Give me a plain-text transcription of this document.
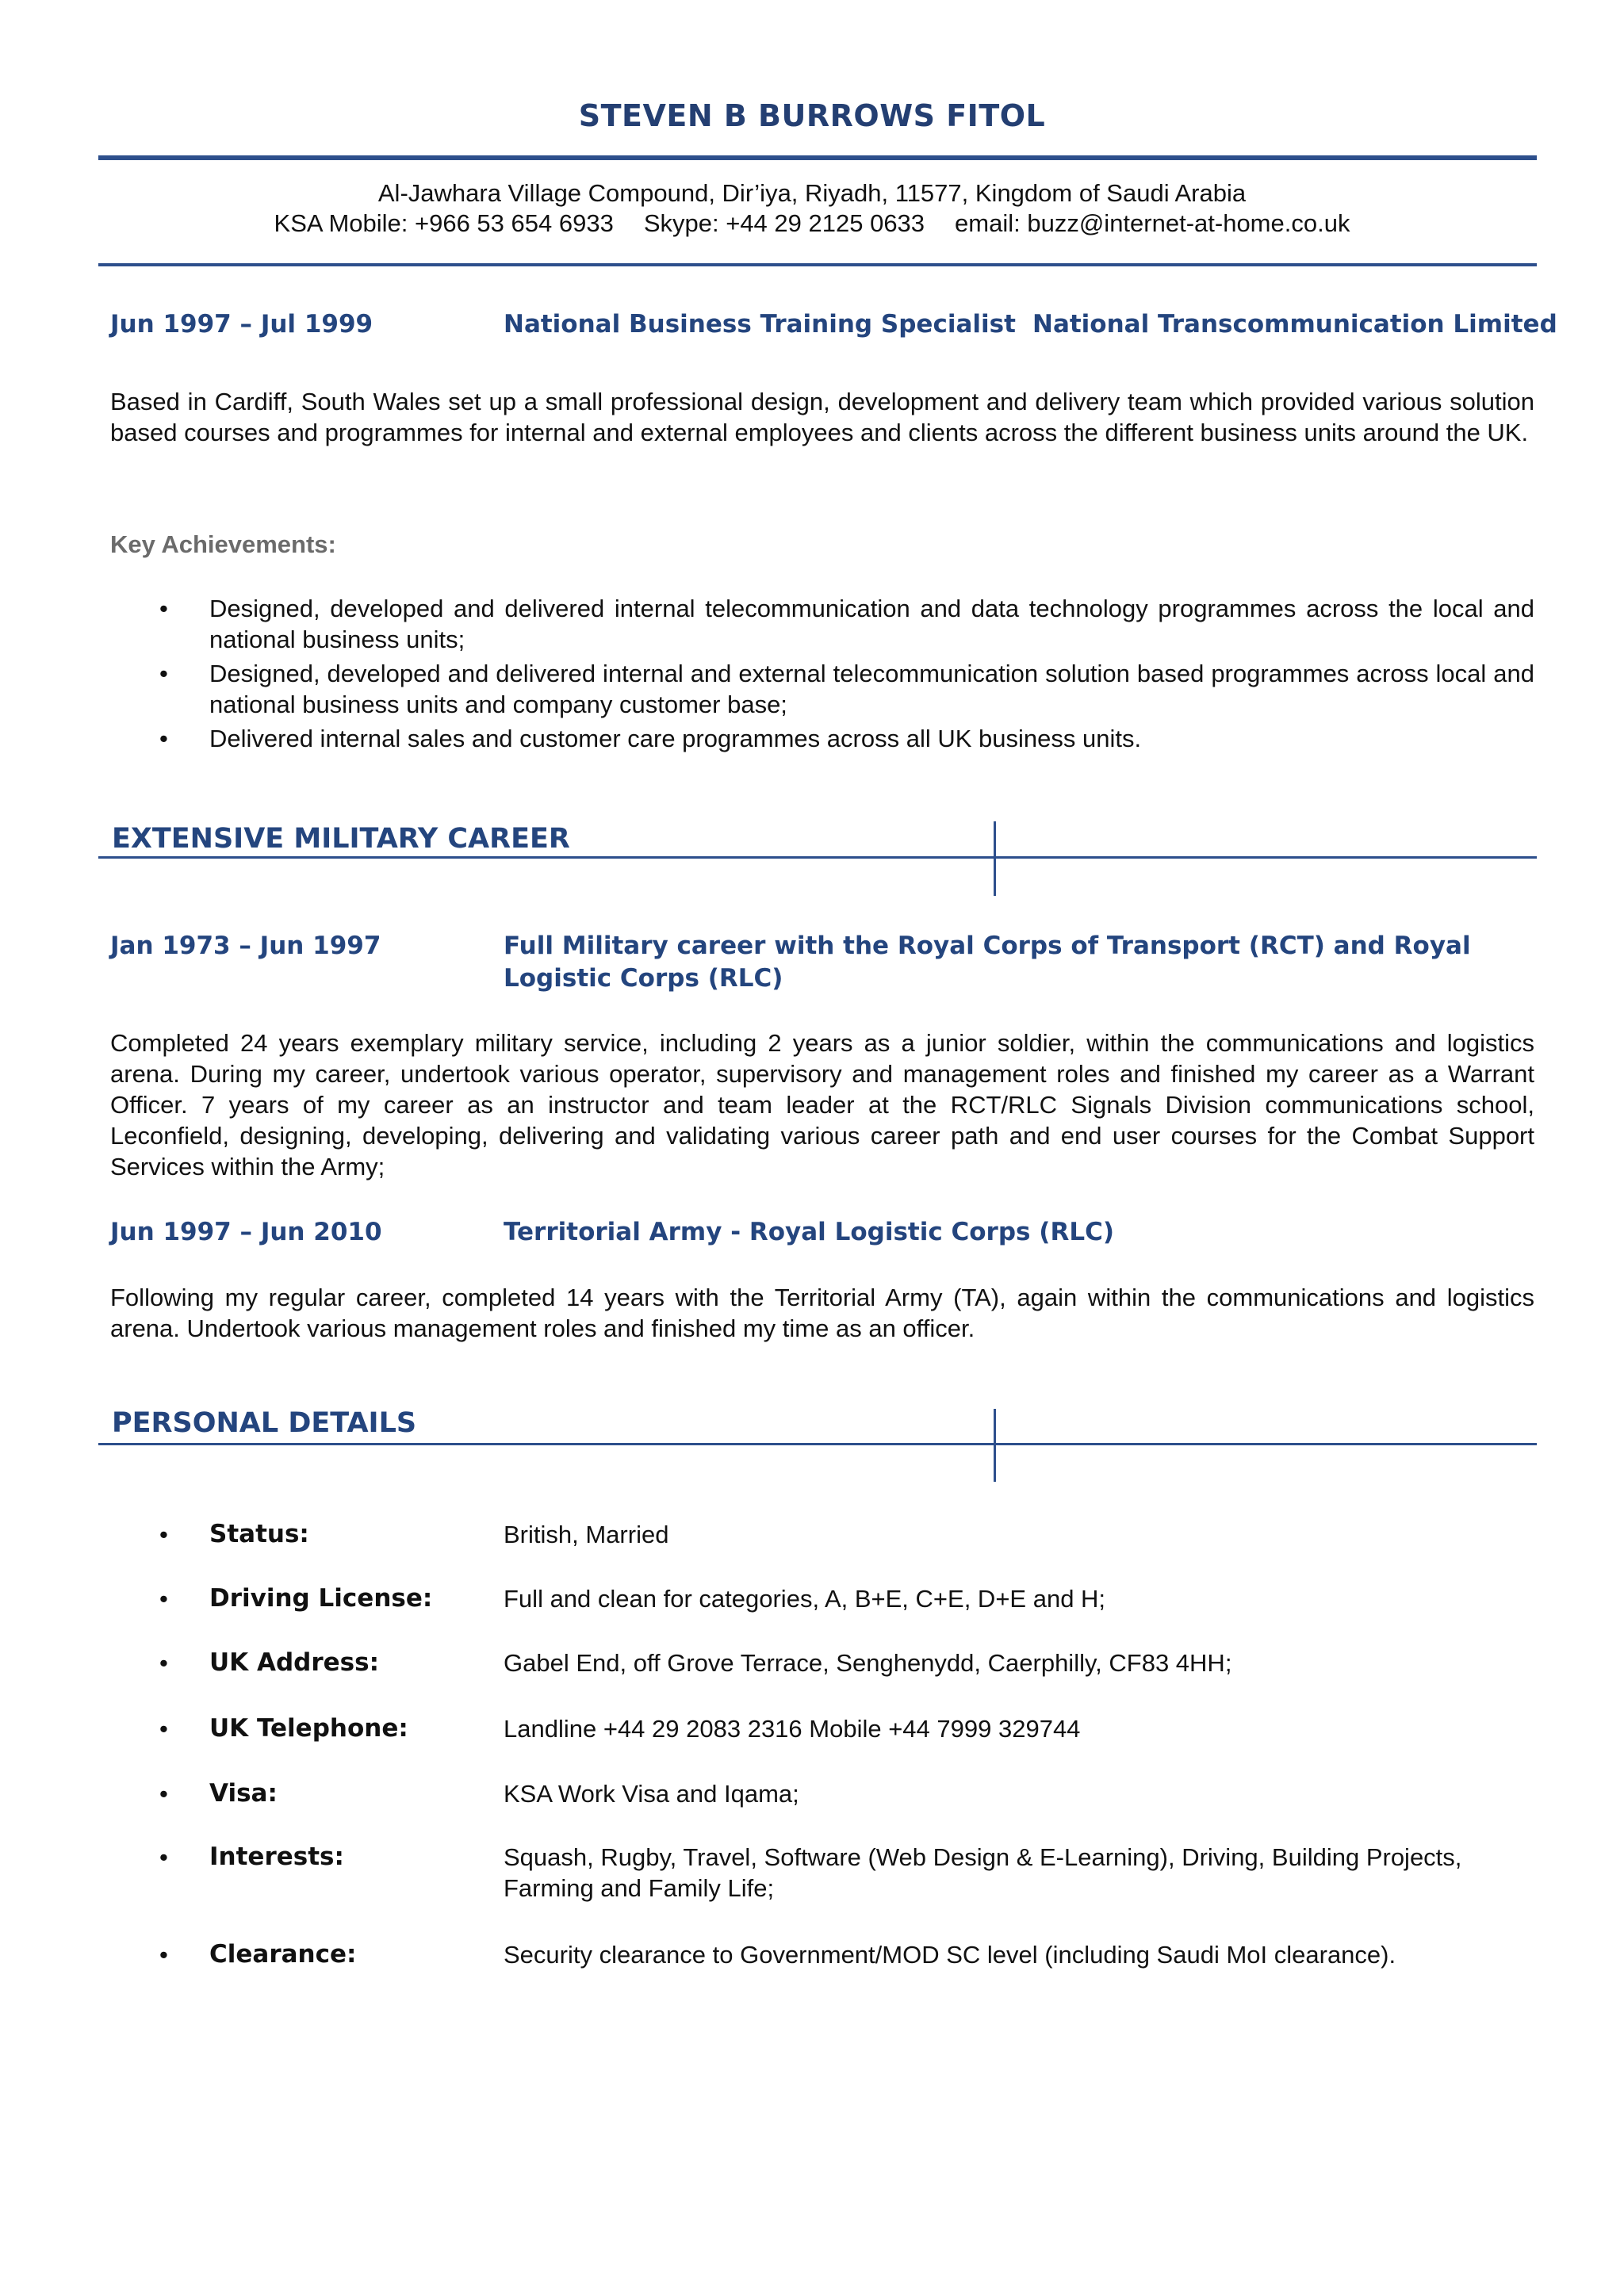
STEVEN B BURROWS FITOL
Al-Jawhara Village Compound, Dir’iya, Riyadh, 11577, Kingdom of Saudi Arabia
KSA Mobile: +966 53 654 6933 Skype: +44 29 2125 0633 email: buzz@internet-at-home.co.uk
Jun 1997 – Jul 1999	National Business Training Specialist National Transcommunication Limited
Based in Cardiff, South Wales set up a small professional design, development and delivery team which provided various solution based courses and programmes for internal and external employees and clients across the different business units around the UK.
Key Achievements:
• Designed, developed and delivered internal telecommunication and data technology programmes across the local and national business units;
• Designed, developed and delivered internal and external telecommunication solution based programmes across local and national business units and company customer base;
• Delivered internal sales and customer care programmes across all UK business units.
EXTENSIVE MILITARY CAREER
Jan 1973 – Jun 1997	Full Military career with the Royal Corps of Transport (RCT) and Royal
Logistic Corps (RLC)
Completed 24 years exemplary military service, including 2 years as a junior soldier, within the communications and logistics arena. During my career, undertook various operator, supervisory and management roles and finished my career as a Warrant Officer. 7 years of my career as an instructor and team leader at the RCT/RLC Signals Division communications school, Leconfield, designing, developing, delivering and validating various career path and end user courses for the Combat Support Services within the Army;
Jun 1997 – Jun 2010	Territorial Army - Royal Logistic Corps (RLC)
Following my regular career, completed 14 years with the Territorial Army (TA), again within the communications and logistics arena. Undertook various management roles and finished my time as an officer.
PERSONAL DETAILS
• Status:	British, Married
• Driving License:	Full and clean for categories, A, B+E, C+E, D+E and H;
• UK Address:	Gabel End, off Grove Terrace, Senghenydd, Caerphilly, CF83 4HH;
• UK Telephone:	Landline +44 29 2083 2316 Mobile +44 7999 329744
• Visa:	KSA Work Visa and Iqama;
• Interests:	Squash, Rugby, Travel, Software (Web Design & E-Learning), Driving, Building Projects, Farming and Family Life;
• Clearance:	Security clearance to Government/MOD SC level (including Saudi MoI clearance).
